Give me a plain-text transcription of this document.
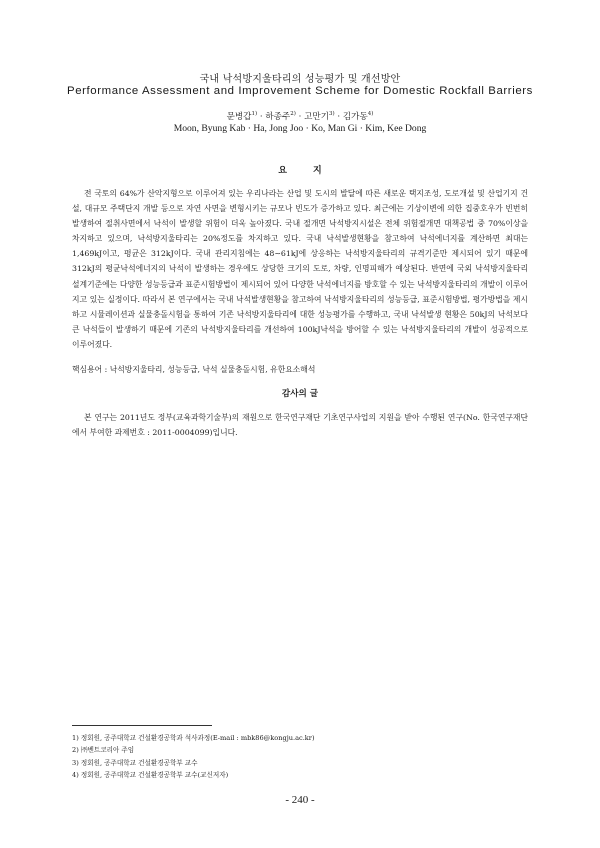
국내 낙석방지울타리의 성능평가 및 개선방안
Performance Assessment and Improvement Scheme for Domestic Rockfall Barriers
문병갑$^{1)}$ · 하종주$^{2)}$ · 고만기$^{3)}$ · 김가동$^{4)}$
Moon, Byung Kab · Ha, Jong Joo · Ko, Man Gi · Kim, Kee Dong
요지
전 국토의 64%가 산악지형으로 이루어져 있는 우리나라는 산업 및 도시의 발달에 따른 새로운 택지조성, 도로개설 및 산업기지 건설, 대규모 주택단지 개발 등으로 자연 사면을 변형시키는 규모나 빈도가 증가하고 있다. 최근에는 기상이변에 의한 집중호우가 빈번히 발생하여 절취사면에서 낙석이 발생할 위험이 더욱 높아졌다. 국내 절개면 낙석방지시설은 전체 위험절개면 대책공법 중 70%이상을 차지하고 있으며, 낙석방지울타리는 20%정도를 차지하고 있다. 국내 낙석발생현황을 참고하여 낙석에너지를 계산하면 최대는 1,469kJ이고, 평균은 312kJ이다. 국내 관리지침에는 48∼61kJ에 상응하는 낙석방지울타리의 규격기준만 제시되어 있기 때문에 312kJ의 평균낙석에너지의 낙석이 발생하는 경우에도 상당한 크기의 도로, 차량, 인명피해가 예상된다. 반면에 국외 낙석방지울타리 설계기준에는 다양한 성능등급과 표준시험방법이 제시되어 있어 다양한 낙석에너지를 방호할 수 있는 낙석방지울타리의 개발이 이루어지고 있는 실정이다. 따라서 본 연구에서는 국내 낙석발생현황을 참고하여 낙석방지울타리의 성능등급, 표준시험방법, 평가방법을 제시하고 시뮬레이션과 실물충돌시험을 통하여 기존 낙석방지울타리에 대한 성능평가를 수행하고, 국내 낙석발생 현황은 50kJ의 낙석보다 큰 낙석들이 발생하기 때문에 기존의 낙석방지울타리를 개선하여 100kJ낙석을 방어할 수 있는 낙석방지울타리의 개발이 성공적으로 이루어졌다.
핵심용어 : 낙석방지울타리, 성능등급, 낙석 실물충돌시험, 유한요소해석
감사의 글
본 연구는 2011년도 정부(교육과학기술부)의 재원으로 한국연구재단 기초연구사업의 지원을 받아 수행된 연구(No. 한국연구재단에서 부여한 과제번호 : 2011-0004099)입니다.
1) 정회원, 공주대학교 건설환경공학과 석사과정(E-mail : mbk86@kongju.ac.kr)
2) ㈜벤트코리아 주임
3) 정회원, 공주대학교 건설환경공학부 교수
4) 정회원, 공주대학교 건설환경공학부 교수(교신저자)
- 240 -
